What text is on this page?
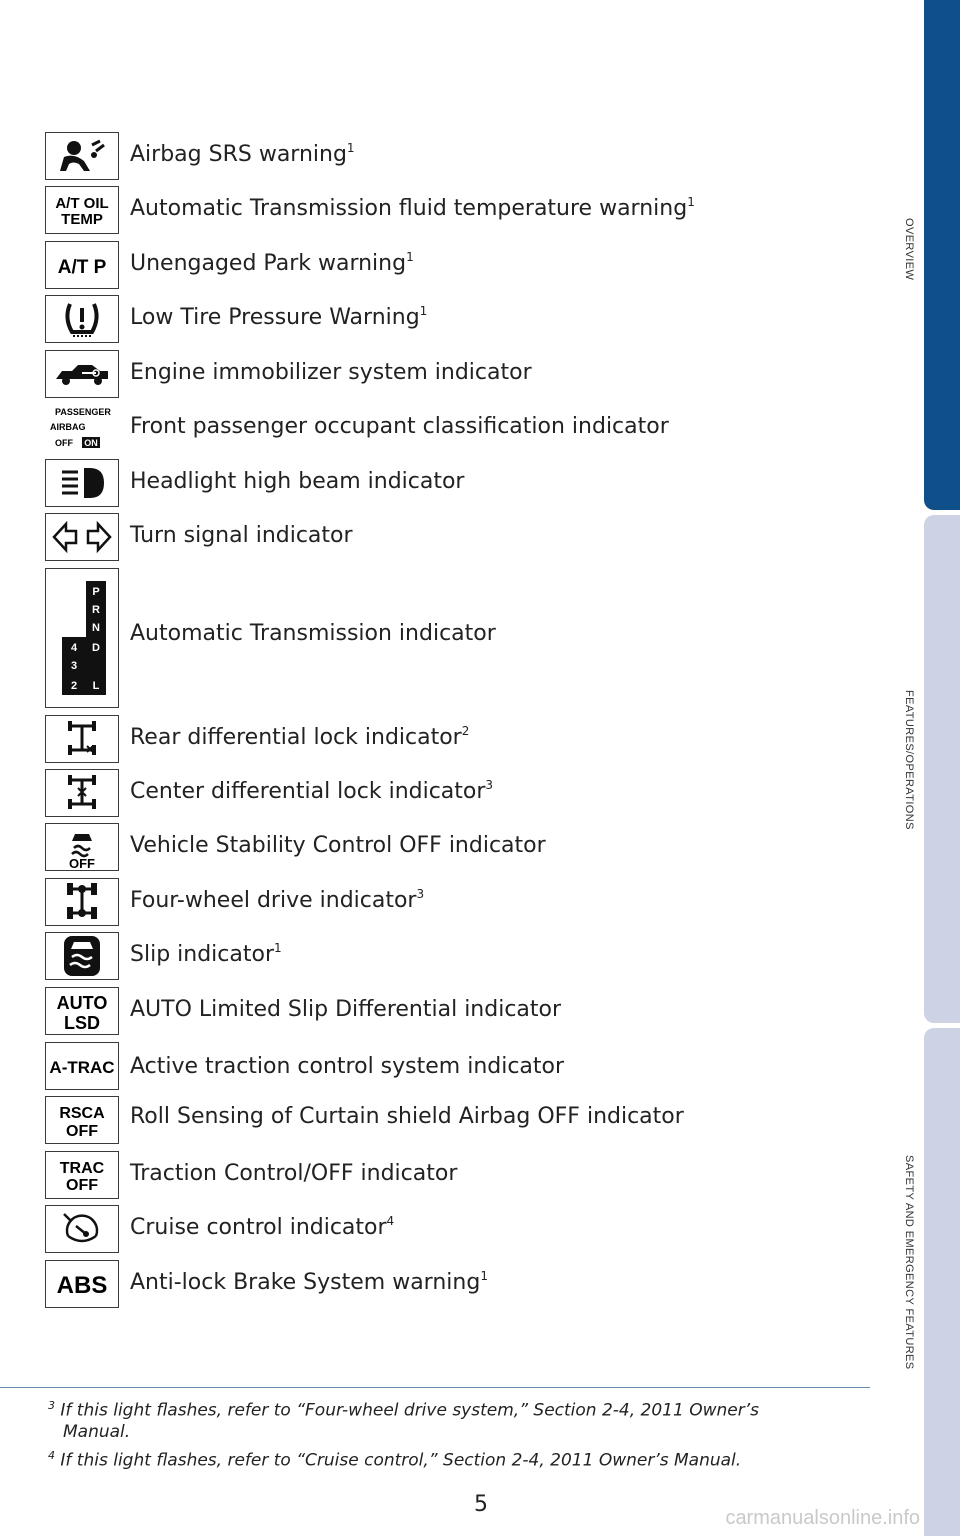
OVERVIEW
FEATURES/OPERATIONS
SAFETY AND EMERGENCY FEATURES
Airbag SRS warning$^1$
A/T OIL
TEMP Automatic Transmission fluid temperature warning$^1$
A/T P Unengaged Park warning$^1$
Low Tire Pressure Warning$^1$
Engine immobilizer system indicator
PASSENGER
AIRBAG
OFF ON
Front passenger occupant classification indicator
Headlight high beam indicator
Turn signal indicator
P
R
N
D
4
3
2 L
Automatic Transmission indicator
Rear differential lock indicator$^2$
Center differential lock indicator$^3$
OFF
Vehicle Stability Control OFF indicator
Four-wheel drive indicator$^3$
Slip indicator$^1$
AUTO
LSD
AUTO Limited Slip Differential indicator
A-TRAC Active traction control system indicator
RSCA
OFF
Roll Sensing of Curtain shield Airbag OFF indicator
TRAC
OFF Traction Control/OFF indicator
Cruise control indicator$^4$
ABS Anti-lock Brake System warning$^1$
$^3$ If this light flashes, refer to “Four-wheel drive system,” Section 2-4, 2011 Owner’s
Manual.
$^4$ If this light flashes, refer to “Cruise control,” Section 2-4, 2011 Owner’s Manual.
5
carmanualsonline.info
